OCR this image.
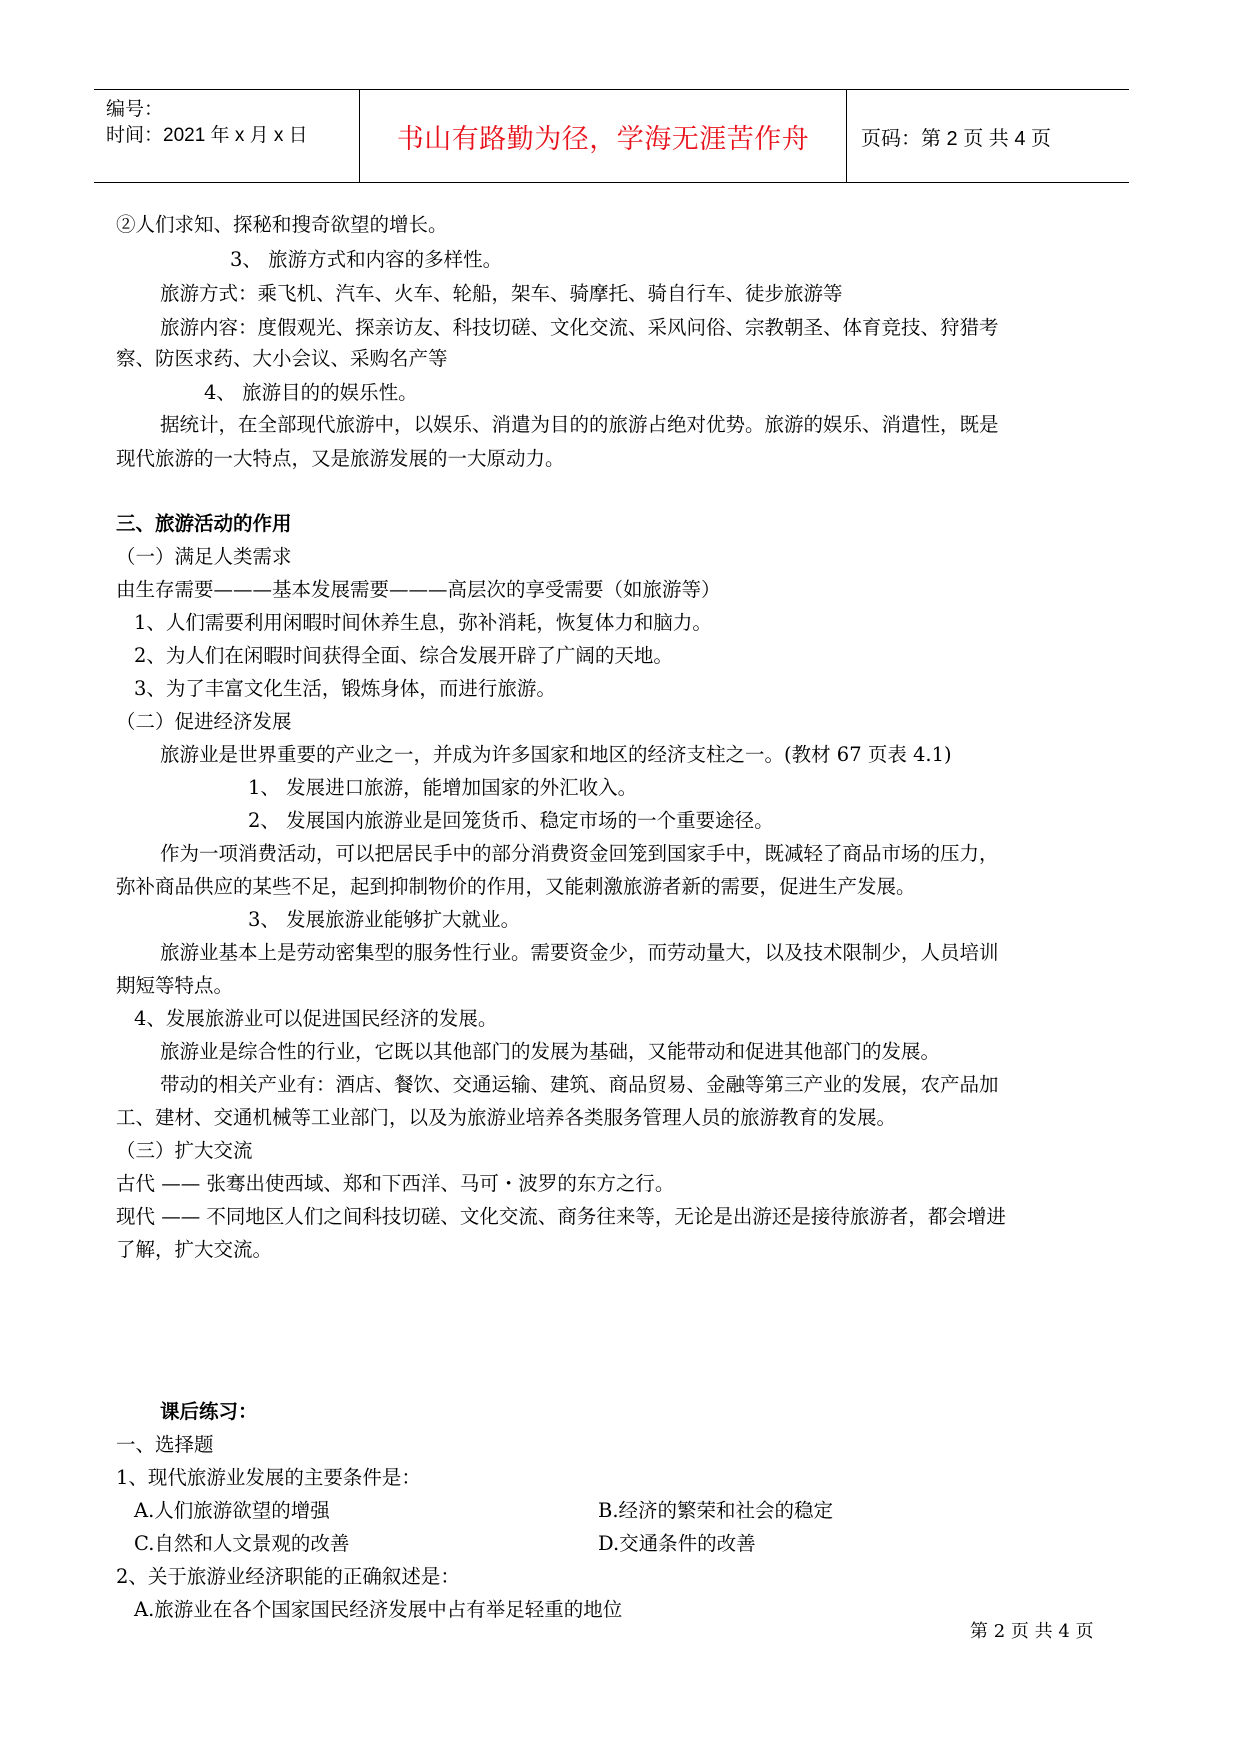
编号：
时间：2021 年 x 月 x 日	书山有路勤为径，学海无涯苦作舟	页码：第 2 页 共 4 页
②人们求知、探秘和搜奇欲望的增长。
3、 旅游方式和内容的多样性。
旅游方式：乘飞机、汽车、火车、轮船，架车、骑摩托、骑自行车、徒步旅游等
旅游内容：度假观光、探亲访友、科技切磋、文化交流、采风问俗、宗教朝圣、体育竞技、狩猎考
察、防医求药、大小会议、采购名产等
4、 旅游目的的娱乐性。
据统计，在全部现代旅游中，以娱乐、消遣为目的的旅游占绝对优势。旅游的娱乐、消遣性，既是
现代旅游的一大特点，又是旅游发展的一大原动力。
三、旅游活动的作用
（一）满足人类需求
由生存需要———基本发展需要———高层次的享受需要（如旅游等）
1、人们需要利用闲暇时间休养生息，弥补消耗，恢复体力和脑力。
2、为人们在闲暇时间获得全面、综合发展开辟了广阔的天地。
3、为了丰富文化生活，锻炼身体，而进行旅游。
（二）促进经济发展
旅游业是世界重要的产业之一，并成为许多国家和地区的经济支柱之一。(教材 67 页表 4.1)
1、 发展进口旅游，能增加国家的外汇收入。
2、 发展国内旅游业是回笼货币、稳定市场的一个重要途径。
作为一项消费活动，可以把居民手中的部分消费资金回笼到国家手中，既减轻了商品市场的压力，
弥补商品供应的某些不足，起到抑制物价的作用，又能刺激旅游者新的需要，促进生产发展。
3、 发展旅游业能够扩大就业。
旅游业基本上是劳动密集型的服务性行业。需要资金少，而劳动量大，以及技术限制少，人员培训
期短等特点。
4、发展旅游业可以促进国民经济的发展。
旅游业是综合性的行业，它既以其他部门的发展为基础，又能带动和促进其他部门的发展。
带动的相关产业有：酒店、餐饮、交通运输、建筑、商品贸易、金融等第三产业的发展，农产品加
工、建材、交通机械等工业部门，以及为旅游业培养各类服务管理人员的旅游教育的发展。
（三）扩大交流
古代 —— 张骞出使西域、郑和下西洋、马可・波罗的东方之行。
现代 —— 不同地区人们之间科技切磋、文化交流、商务往来等，无论是出游还是接待旅游者，都会增进
了解，扩大交流。
课后练习：
一、选择题
1、现代旅游业发展的主要条件是：
A.人们旅游欲望的增强	B.经济的繁荣和社会的稳定
C.自然和人文景观的改善	D.交通条件的改善
2、关于旅游业经济职能的正确叙述是：
A.旅游业在各个国家国民经济发展中占有举足轻重的地位
第 2 页 共 4 页
